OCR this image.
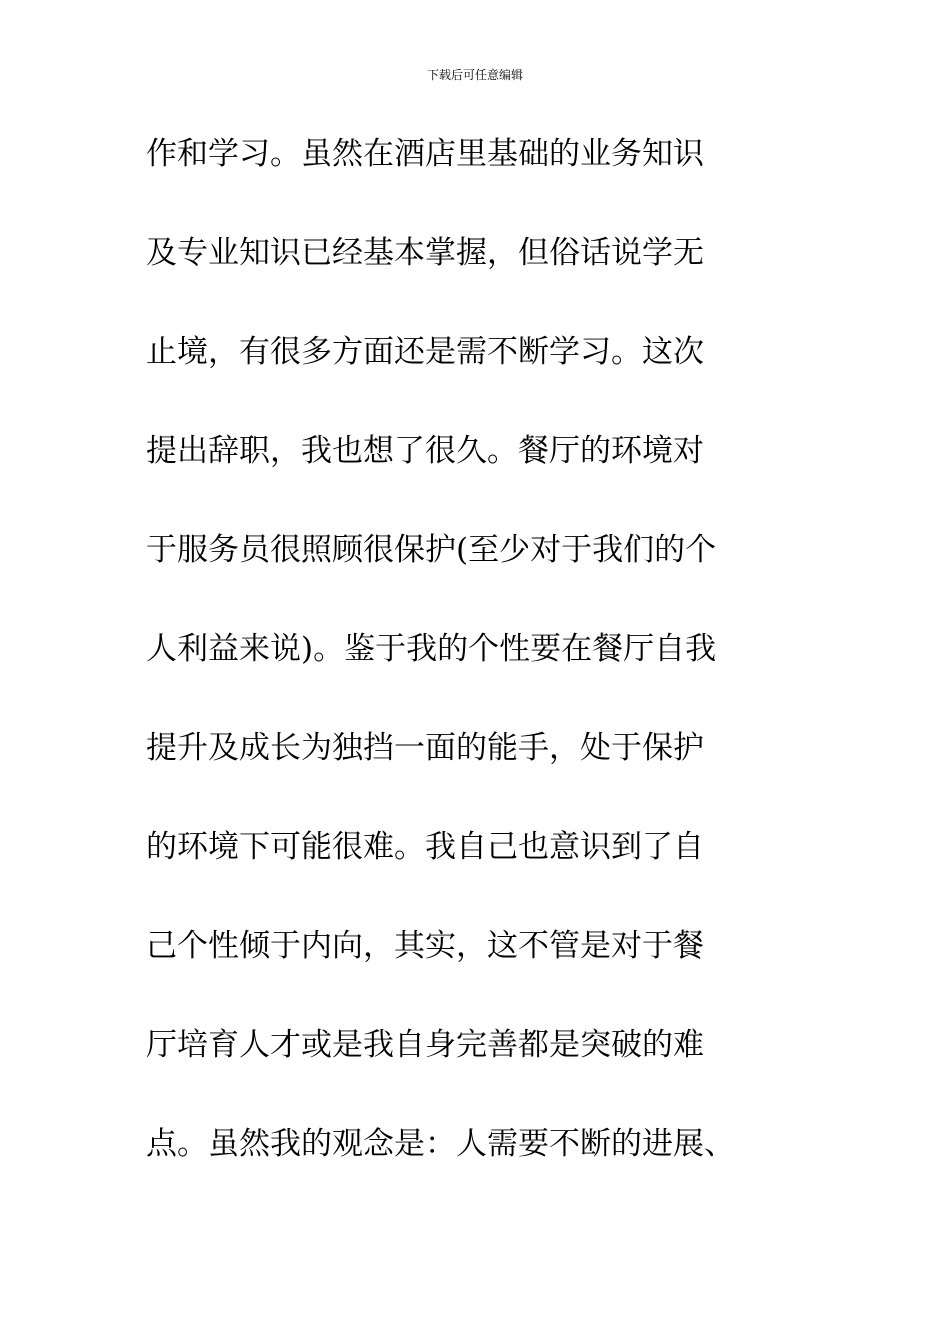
下载后可任意编辑
作和学习。虽然在酒店里基础的业务知识
及专业知识已经基本掌握，但俗话说学无
止境，有很多方面还是需不断学习。这次
提出辞职，我也想了很久。餐厅的环境对
于服务员很照顾很保护(至少对于我们的个
人利益来说)。鉴于我的个性要在餐厅自我
提升及成长为独挡一面的能手，处于保护
的环境下可能很难。我自己也意识到了自
己个性倾于内向，其实，这不管是对于餐
厅培育人才或是我自身完善都是突破的难
点。虽然我的观念是：人需要不断的进展、
